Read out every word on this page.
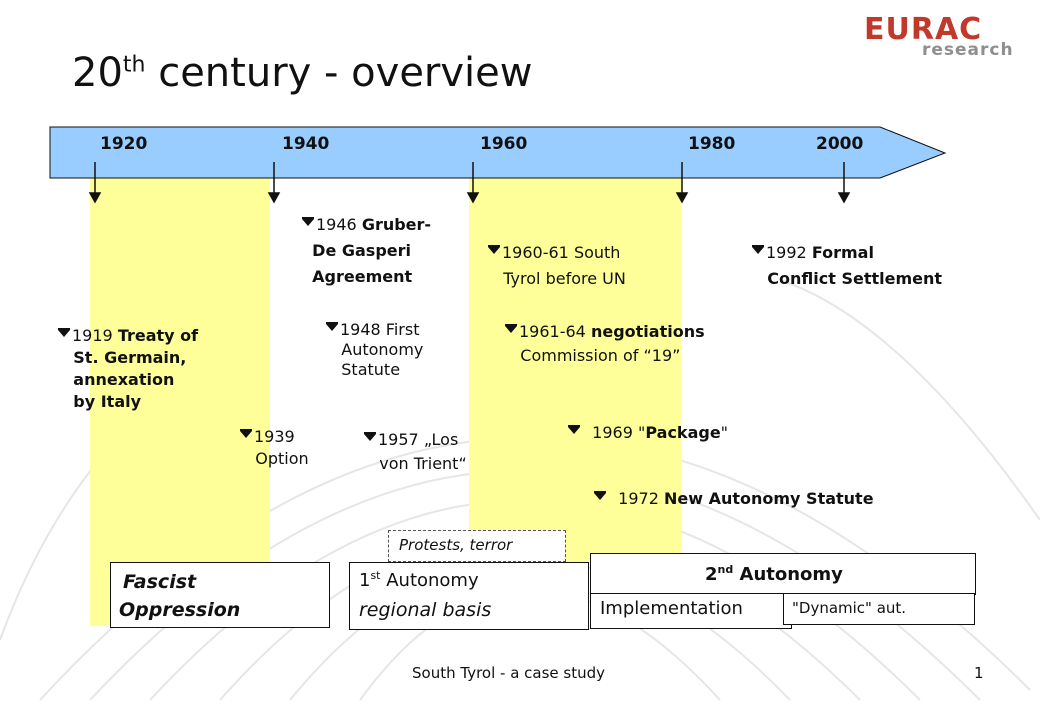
20th century - overview
EURAC
research
1920	1940	1960	1980	2000
1919 Treaty of
St. Germain,
annexation
by Italy
1939
Option
1946 Gruber-
De Gasperi
Agreement
1948 First
Autonomy
Statute
1957 „Los
von Trient“
1960-61 South
Tyrol before UN
1961-64 negotiations
Commission of “19”
1969 "Package"
1972 New Autonomy Statute
1992 Formal
Conflict Settlement
Fascist
Oppression
Protests, terror
1st Autonomy
regional basis
2nd Autonomy
Implementation	"Dynamic" aut.
South Tyrol - a case study	1
